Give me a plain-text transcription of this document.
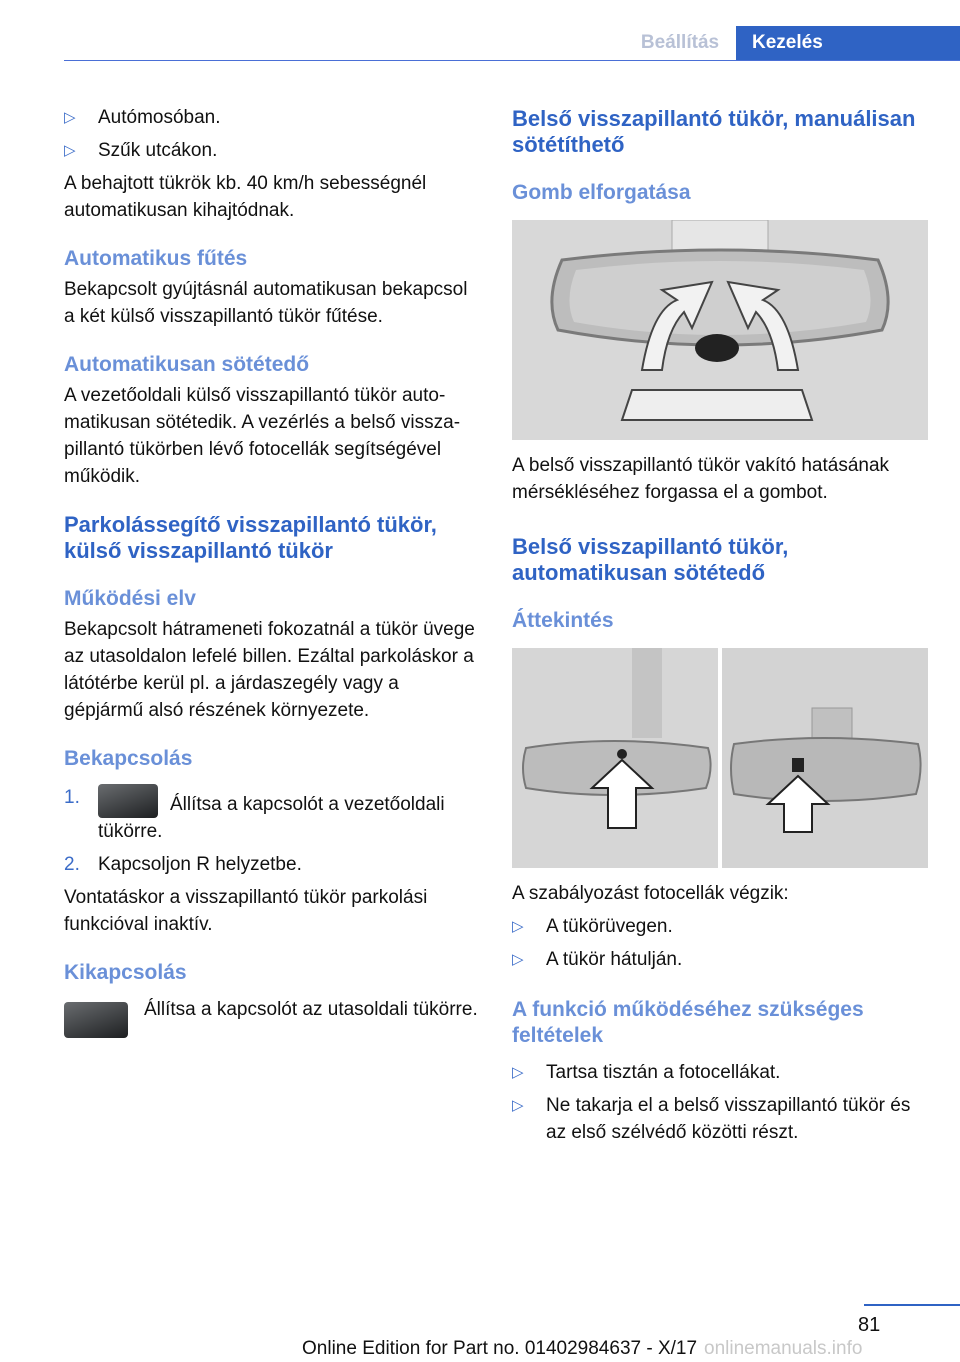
Beállítás	Kezelés
▷ Autómosóban.
▷ Szűk utcákon.

A behajtott tükrök kb. 40 km/h sebességnél automatikusan kihajtódnak.

Automatikus fűtés

Bekapcsolt gyújtásnál automatikusan bekapcsol a két külső visszapillantó tükör fűtése.

Automatikusan sötétedő

A vezetőoldali külső visszapillantó tükör automatikusan sötétedik. A vezérlés a belső visszapillantó tükörben lévő fotocellák segítségével működik.

Parkolássegítő visszapillantó tükör, külső visszapillantó tükör
Működési elv

Bekapcsolt hátrameneti fokozatnál a tükör üvege az utasoldalon lefelé billen. Ezáltal parkoláskor a látótérbe kerül pl. a járdaszegély vagy a gépjármű alsó részének környezete.

Bekapcsolás
1.	Állítsa a kapcsolót a vezetőoldali tükörre.
2. Kapcsoljon R helyzetbe.

Vontatáskor a visszapillantó tükör parkolási funkcióval inaktív.

Kikapcsolás

Állítsa a kapcsolót az utasoldali tükörre.

Belső visszapillantó tükör, manuálisan sötétíthető
Gomb elforgatása

A belső visszapillantó tükör vakító hatásának mérsékléséhez forgassa el a gombot.

Belső visszapillantó tükör, automatikusan sötétedő
Áttekintés

A szabályozást fotocellák végzik:

▷ A tükörüvegen.
▷ A tükör hátulján.
A funkció működéséhez szükséges feltételek
▷ Tartsa tisztán a fotocellákat.
▷ Ne takarja el a belső visszapillantó tükör és az első szélvédő közötti részt.
81
Online Edition for Part no. 01402984637 - X/17 onlinemanuals.info
